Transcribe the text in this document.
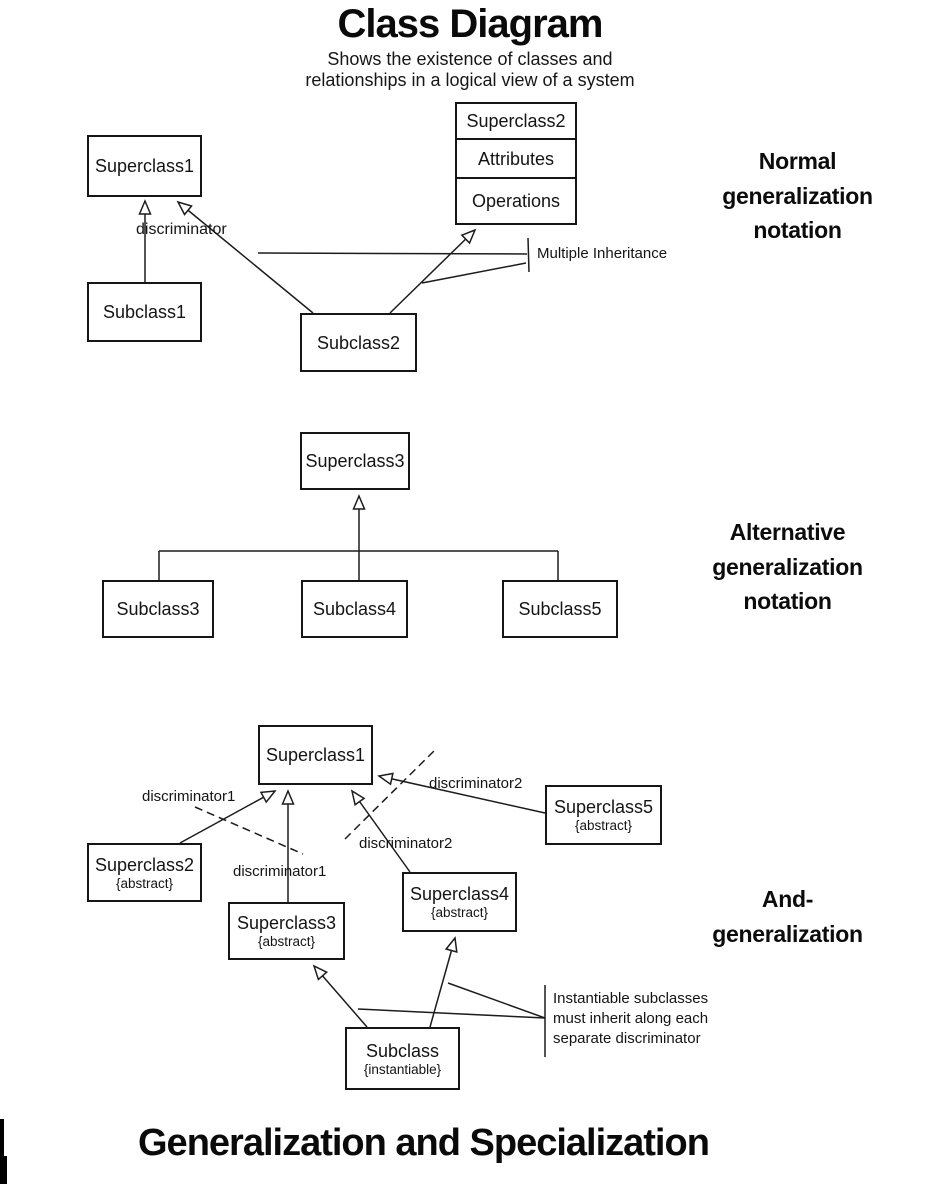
Class Diagram
Shows the existence of classes and
relationships in a logical view of a system
Superclass1
Superclass2
Attributes
Operations
Subclass1
Subclass2
discriminator
Multiple Inheritance
Normal
generalization
notation
Superclass3
Subclass3	Subclass4	Subclass5
Alternative
generalization
notation
Superclass1
Superclass2
{abstract}
Superclass3
{abstract}
Superclass4
{abstract}
Superclass5
{abstract}
Subclass
{instantiable}
discriminator1
discriminator1
discriminator2
discriminator2
Instantiable subclasses
must inherit along each
separate discriminator
And-
generalization
Generalization and Specialization
